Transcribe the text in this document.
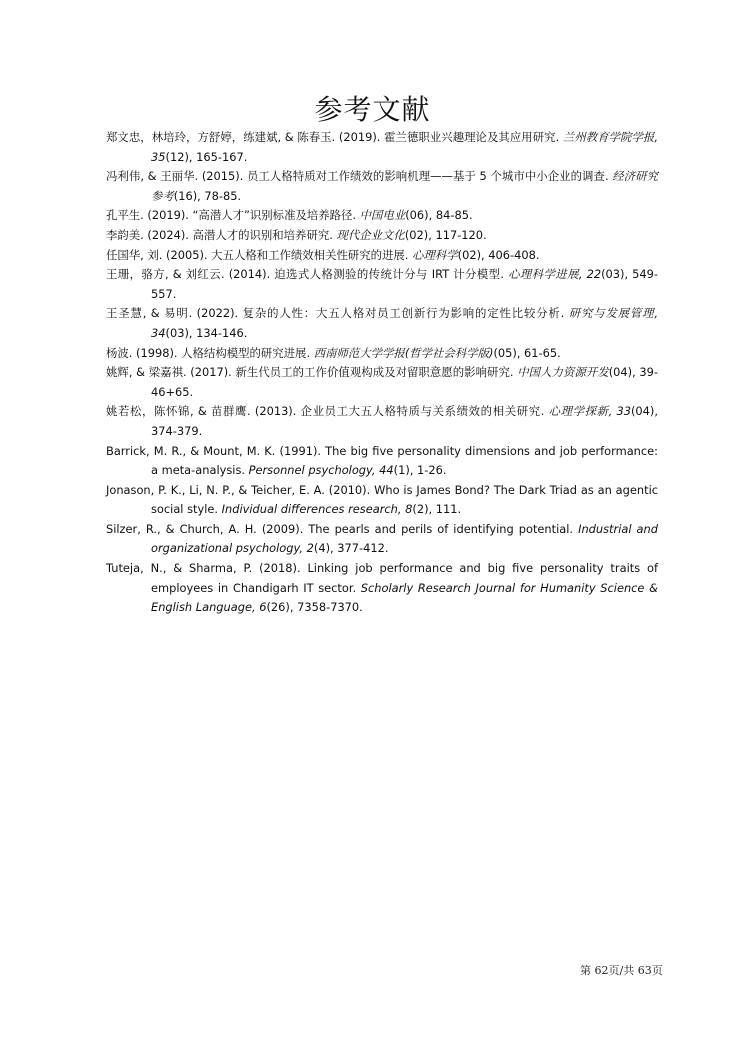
参考文献

郑文忠，林培玲，方舒婷，练建斌, & 陈春玉. (2019). 霍兰德职业兴趣理论及其应用研究. 兰州教育学院学报, 35(12), 165-167.

冯利伟, & 王丽华. (2015). 员工人格特质对工作绩效的影响机理——基于 5 个城市中小企业的调查. 经济研究参考(16), 78-85.

孔平生. (2019). “高潜人才”识别标准及培养路径. 中国电业(06), 84-85.

李韵美. (2024). 高潜人才的识别和培养研究. 现代企业文化(02), 117-120.

任国华, 刘. (2005). 大五人格和工作绩效相关性研究的进展. 心理科学(02), 406-408.

王珊，骆方, & 刘红云. (2014). 迫选式人格测验的传统计分与 IRT 计分模型. 心理科学进展, 22(03), 549-557.

王圣慧, & 易明. (2022). 复杂的人性：大五人格对员工创新行为影响的定性比较分析. 研究与发展管理, 34(03), 134-146.

杨波. (1998). 人格结构模型的研究进展. 西南师范大学学报(哲学社会科学版)(05), 61-65.

姚辉, & 梁嘉祺. (2017). 新生代员工的工作价值观构成及对留职意愿的影响研究. 中国人力资源开发(04), 39-46+65.

姚若松，陈怀锦, & 苗群鹰. (2013). 企业员工大五人格特质与关系绩效的相关研究. 心理学探新, 33(04), 374-379.

Barrick, M. R., & Mount, M. K. (1991). The big five personality dimensions and job performance: a meta-analysis. Personnel psychology, 44(1), 1-26.

Jonason, P. K., Li, N. P., & Teicher, E. A. (2010). Who is James Bond? The Dark Triad as an agentic social style. Individual differences research, 8(2), 111.

Silzer, R., & Church, A. H. (2009). The pearls and perils of identifying potential. Industrial and organizational psychology, 2(4), 377-412.

Tuteja, N., & Sharma, P. (2018). Linking job performance and big five personality traits of employees in Chandigarh IT sector. Scholarly Research Journal for Humanity Science & English Language, 6(26), 7358-7370.

第 62页/共 63页
